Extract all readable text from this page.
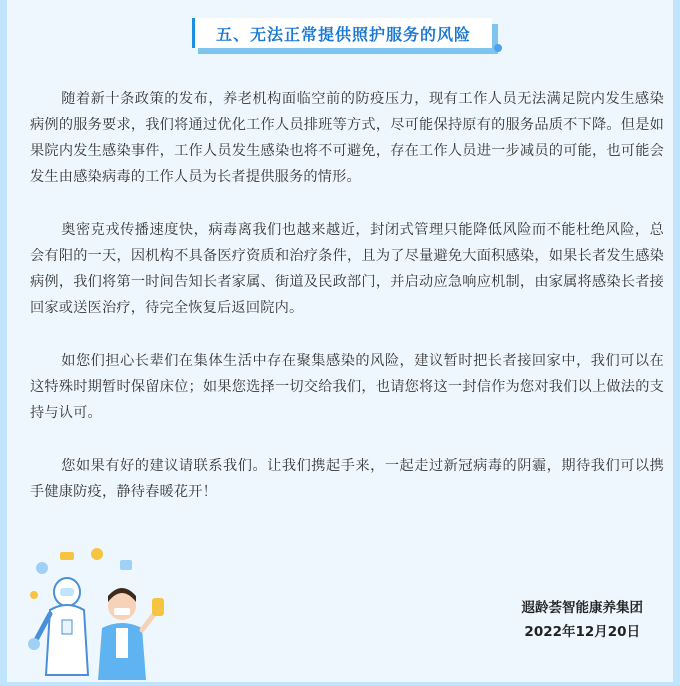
五、无法正常提供照护服务的风险

随着新十条政策的发布，养老机构面临空前的防疫压力，现有工作人员无法满足院内发生感染病例的服务要求，我们将通过优化工作人员排班等方式，尽可能保持原有的服务品质不下降。但是如果院内发生感染事件，工作人员发生感染也将不可避免，存在工作人员进一步减员的可能，也可能会发生由感染病毒的工作人员为长者提供服务的情形。

奥密克戎传播速度快，病毒离我们也越来越近，封闭式管理只能降低风险而不能杜绝风险，总会有阳的一天，因机构不具备医疗资质和治疗条件，且为了尽量避免大面积感染，如果长者发生感染病例，我们将第一时间告知长者家属、街道及民政部门，并启动应急响应机制，由家属将感染长者接回家或送医治疗，待完全恢复后返回院内。

如您们担心长辈们在集体生活中存在聚集感染的风险，建议暂时把长者接回家中，我们可以在这特殊时期暂时保留床位；如果您选择一切交给我们，也请您将这一封信作为您对我们以上做法的支持与认可。

您如果有好的建议请联系我们。让我们携起手来，一起走过新冠病毒的阴霾，期待我们可以携手健康防疫，静待春暖花开！

遐龄荟智能康养集团
2022年12月20日
